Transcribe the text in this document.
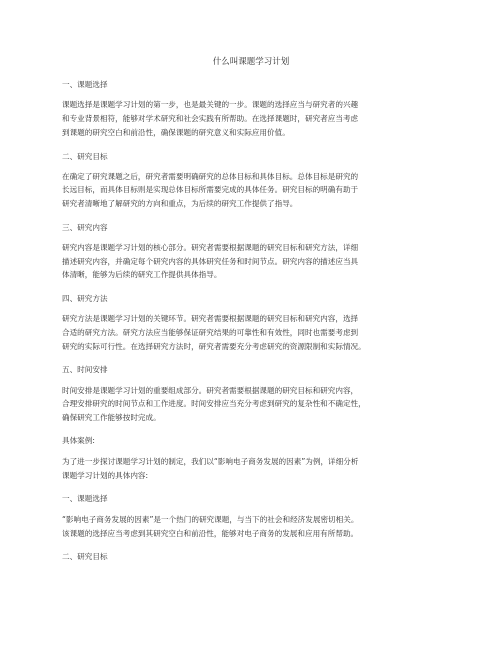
什么叫课题学习计划
一、课题选择
课题选择是课题学习计划的第一步，也是最关键的一步。课题的选择应当与研究者的兴趣
和专业背景相符，能够对学术研究和社会实践有所帮助。在选择课题时，研究者应当考虑
到课题的研究空白和前沿性，确保课题的研究意义和实际应用价值。
二、研究目标
在确定了研究课题之后，研究者需要明确研究的总体目标和具体目标。总体目标是研究的
长远目标，而具体目标则是实现总体目标所需要完成的具体任务。研究目标的明确有助于
研究者清晰地了解研究的方向和重点，为后续的研究工作提供了指导。
三、研究内容
研究内容是课题学习计划的核心部分。研究者需要根据课题的研究目标和研究方法，详细
描述研究内容，并确定每个研究内容的具体研究任务和时间节点。研究内容的描述应当具
体清晰，能够为后续的研究工作提供具体指导。
四、研究方法
研究方法是课题学习计划的关键环节。研究者需要根据课题的研究目标和研究内容，选择
合适的研究方法。研究方法应当能够保证研究结果的可靠性和有效性，同时也需要考虑到
研究的实际可行性。在选择研究方法时，研究者需要充分考虑研究的资源限制和实际情况。
五、时间安排
时间安排是课题学习计划的重要组成部分。研究者需要根据课题的研究目标和研究内容，
合理安排研究的时间节点和工作进度。时间安排应当充分考虑到研究的复杂性和不确定性，
确保研究工作能够按时完成。
具体案例:
为了进一步探讨课题学习计划的制定，我们以“影响电子商务发展的因素”为例，详细分析
课题学习计划的具体内容:
一、课题选择
“影响电子商务发展的因素”是一个热门的研究课题，与当下的社会和经济发展密切相关。
该课题的选择应当考虑到其研究空白和前沿性，能够对电子商务的发展和应用有所帮助。
二、研究目标
